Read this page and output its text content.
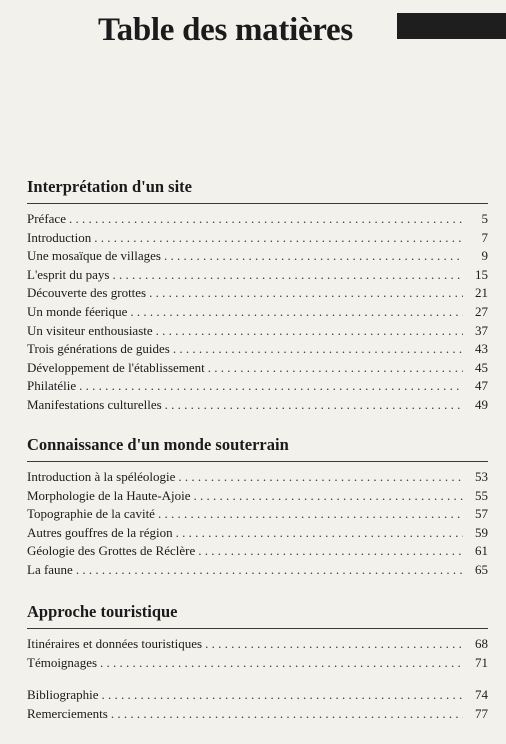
Table des matières
Interprétation d'un site
Préface . . .	5
Introduction . . .	7
Une mosaïque de villages . . .	9
L'esprit du pays . . .	15
Découverte des grottes . . .	21
Un monde féerique . . .	27
Un visiteur enthousiaste . . .	37
Trois générations de guides . . .	43
Développement de l'établissement . . .	45
Philatélie . . .	47
Manifestations culturelles . . .	49
Connaissance d'un monde souterrain
Introduction à la spéléologie . . .	53
Morphologie de la Haute-Ajoie . . .	55
Topographie de la cavité . . .	57
Autres gouffres de la région . . .	59
Géologie des Grottes de Réclère . . .	61
La faune . . .	65
Approche touristique
Itinéraires et données touristiques . . .	68
Témoignages . . .	71
Bibliographie . . .	74
Remerciements . . .	77
